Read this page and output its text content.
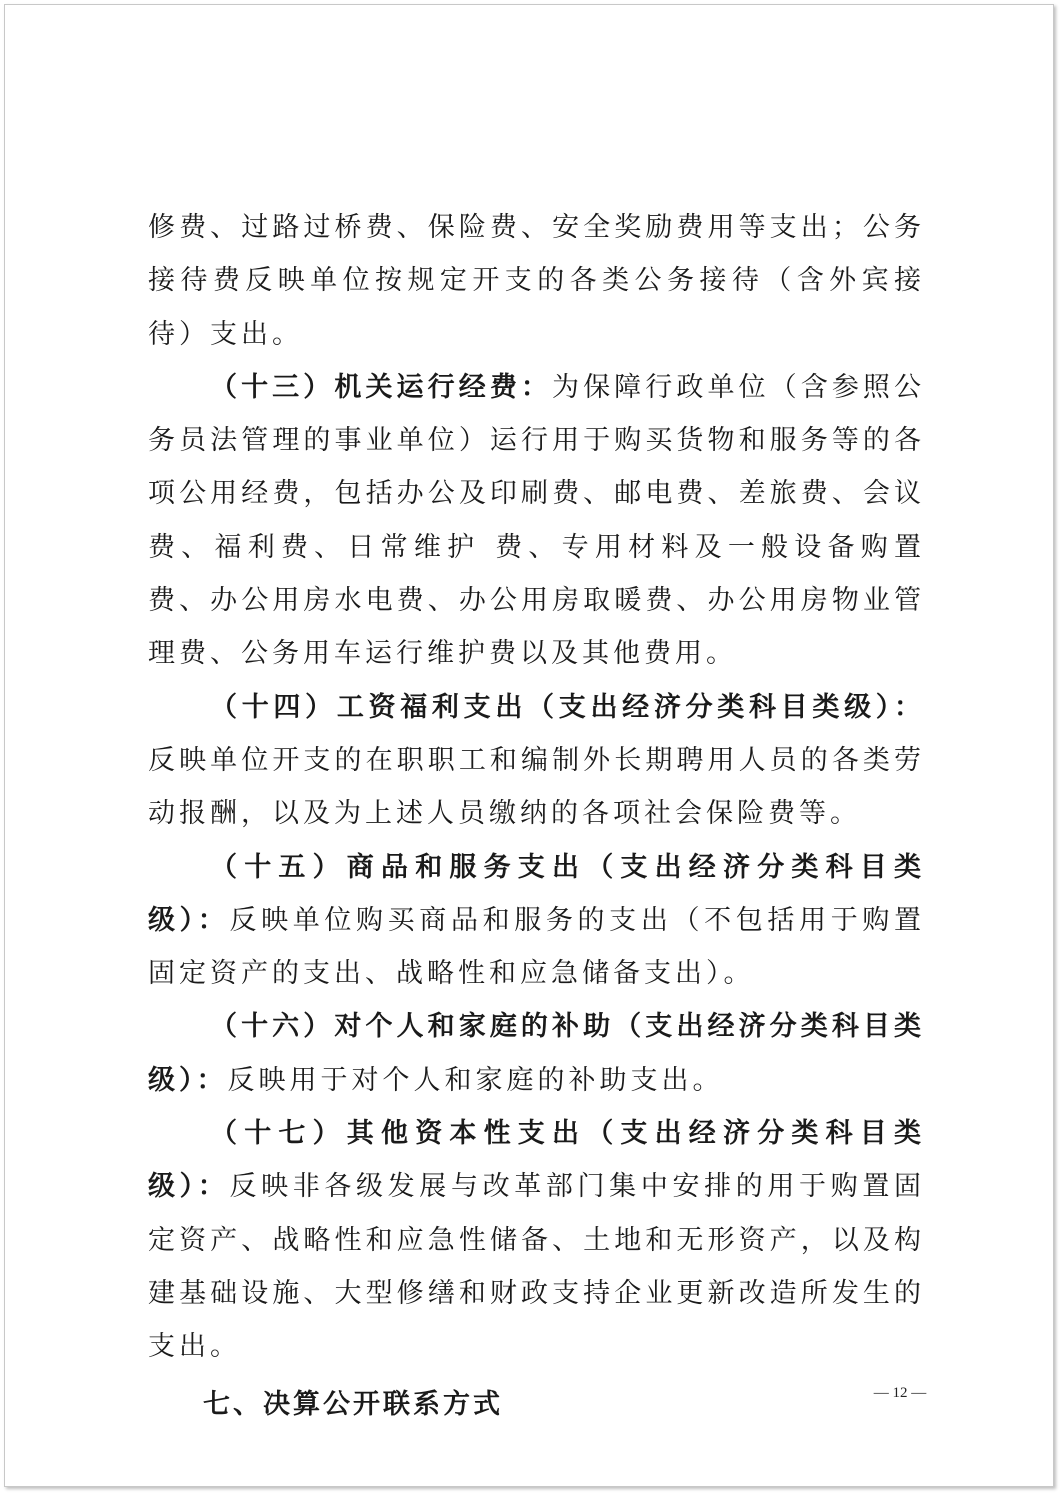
修费、过路过桥费、保险费、安全奖励费用等支出；公务接待费反映单位按规定开支的各类公务接待（含外宾接待）支出。

（十三）机关运行经费：为保障行政单位（含参照公务员法管理的事业单位）运行用于购买货物和服务等的各项公用经费，包括办公及印刷费、邮电费、差旅费、会议费、福利费、日常维护 费、专用材料及一般设备购置费、办公用房水电费、办公用房取暖费、办公用房物业管理费、公务用车运行维护费以及其他费用。

（十四）工资福利支出（支出经济分类科目类级）：反映单位开支的在职职工和编制外长期聘用人员的各类劳动报酬，以及为上述人员缴纳的各项社会保险费等。

（十五）商品和服务支出（支出经济分类科目类级）：反映单位购买商品和服务的支出（不包括用于购置固定资产的支出、战略性和应急储备支出）。

（十六）对个人和家庭的补助（支出经济分类科目类级）：反映用于对个人和家庭的补助支出。

（十七）其他资本性支出（支出经济分类科目类级）：反映非各级发展与改革部门集中安排的用于购置固定资产、战略性和应急性储备、土地和无形资产，以及构建基础设施、大型修缮和财政支持企业更新改造所发生的支出。

七、决算公开联系方式	— 12 —
